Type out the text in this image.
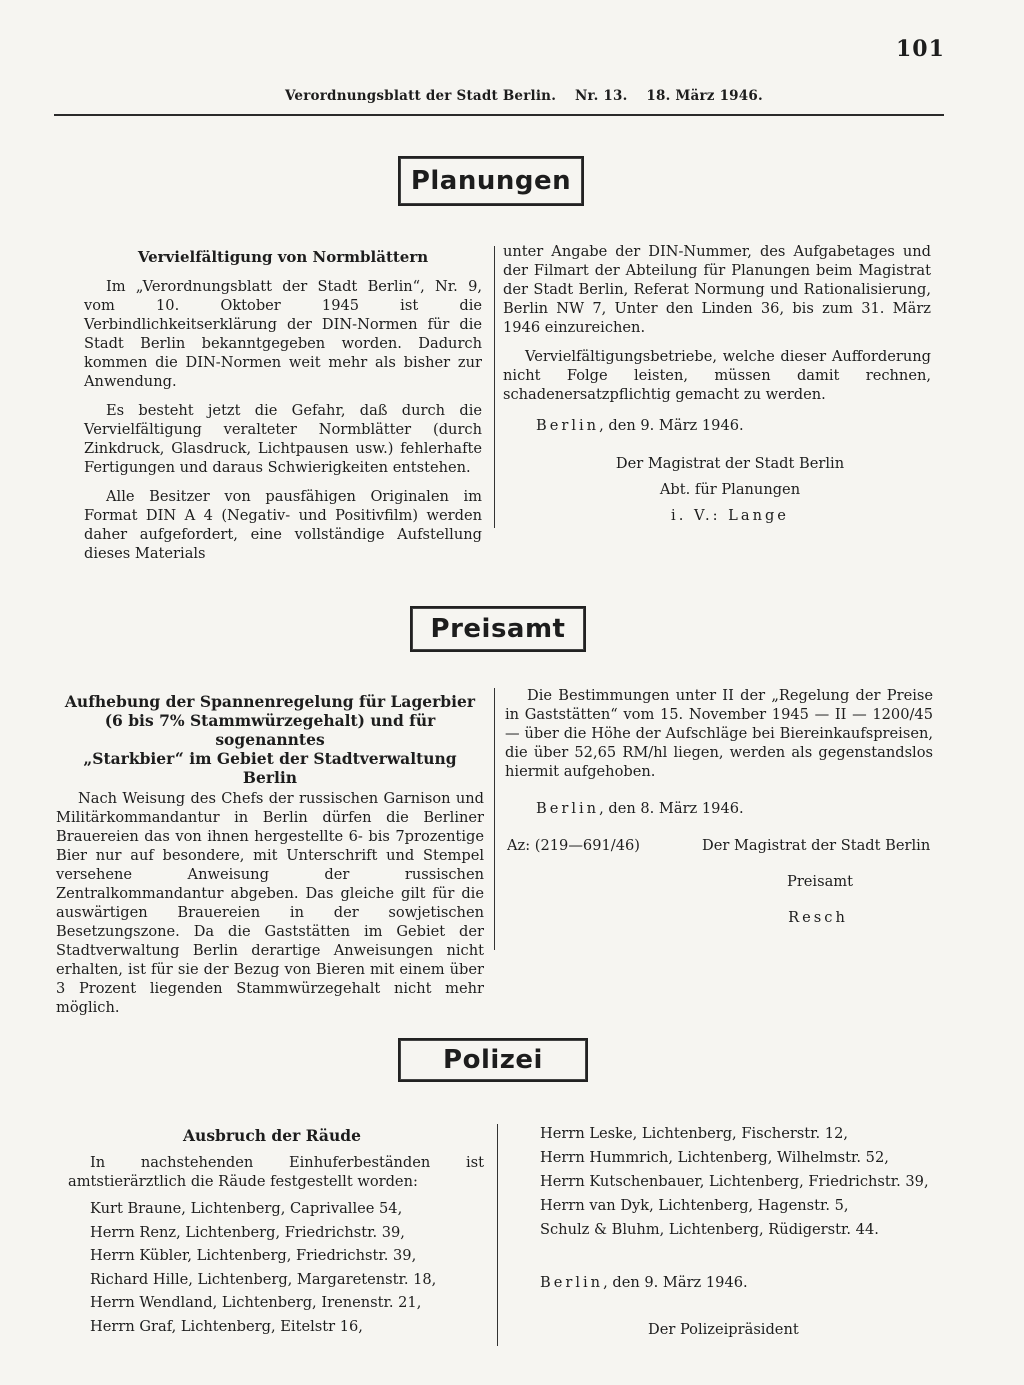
101
Verordnungsblatt der Stadt Berlin. Nr. 13. 18. März 1946.
Planungen
Vervielfältigung von Normblättern

Im „Verordnungsblatt der Stadt Berlin“, Nr. 9, vom 10. Oktober 1945 ist die Verbindlichkeitserklärung der DIN-Normen für die Stadt Berlin bekanntgegeben worden. Dadurch kommen die DIN-Normen weit mehr als bisher zur Anwendung.

Es besteht jetzt die Gefahr, daß durch die Vervielfältigung veralteter Normblätter (durch Zinkdruck, Glasdruck, Lichtpausen usw.) fehlerhafte Fertigungen und daraus Schwierigkeiten entstehen.

Alle Besitzer von pausfähigen Originalen im Format DIN A 4 (Negativ- und Positivfilm) werden daher aufgefordert, eine vollständige Aufstellung dieses Materials

unter Angabe der DIN-Nummer, des Aufgabetages und der Filmart der Abteilung für Planungen beim Magistrat der Stadt Berlin, Referat Normung und Rationalisierung, Berlin NW 7, Unter den Linden 36, bis zum 31. März 1946 einzureichen.

Vervielfältigungsbetriebe, welche dieser Aufforderung nicht Folge leisten, müssen damit rechnen, schadenersatzpflichtig gemacht zu werden.

Berlin, den 9. März 1946.
Der Magistrat der Stadt Berlin
Abt. für Planungen
i. V.: Lange
Preisamt
Aufhebung der Spannenregelung für Lagerbier
(6 bis 7% Stammwürzegehalt) und für sogenanntes
„Starkbier“ im Gebiet der Stadtverwaltung Berlin

Nach Weisung des Chefs der russischen Garnison und Militärkommandantur in Berlin dürfen die Berliner Brauereien das von ihnen hergestellte 6- bis 7prozentige Bier nur auf besondere, mit Unterschrift und Stempel versehene Anweisung der russischen Zentralkommandantur abgeben. Das gleiche gilt für die auswärtigen Brauereien in der sowjetischen Besetzungszone. Da die Gaststätten im Gebiet der Stadtverwaltung Berlin derartige Anweisungen nicht erhalten, ist für sie der Bezug von Bieren mit einem über 3 Prozent liegenden Stammwürzegehalt nicht mehr möglich.

Die Bestimmungen unter II der „Regelung der Preise in Gaststätten“ vom 15. November 1945 — II — 1200/45 — über die Höhe der Aufschläge bei Biereinkaufspreisen, die über 52,65 RM/hl liegen, werden als gegenstandslos hiermit aufgehoben.

Berlin, den 8. März 1946.
Az: (219—691/46)	Der Magistrat der Stadt Berlin
Preisamt
Resch
Polizei
Ausbruch der Räude

In nachstehenden Einhuferbeständen ist amtstierärztlich die Räude festgestellt worden:

Kurt Braune, Lichtenberg, Caprivallee 54,
Herrn Renz, Lichtenberg, Friedrichstr. 39,
Herrn Kübler, Lichtenberg, Friedrichstr. 39,
Richard Hille, Lichtenberg, Margaretenstr. 18,
Herrn Wendland, Lichtenberg, Irenenstr. 21,
Herrn Graf, Lichtenberg, Eitelstr 16,
Herrn Leske, Lichtenberg, Fischerstr. 12,
Herrn Hummrich, Lichtenberg, Wilhelmstr. 52,
Herrn Kutschenbauer, Lichtenberg, Friedrichstr. 39,
Herrn van Dyk, Lichtenberg, Hagenstr. 5,
Schulz & Bluhm, Lichtenberg, Rüdigerstr. 44.
Berlin, den 9. März 1946.
Der Polizeipräsident
